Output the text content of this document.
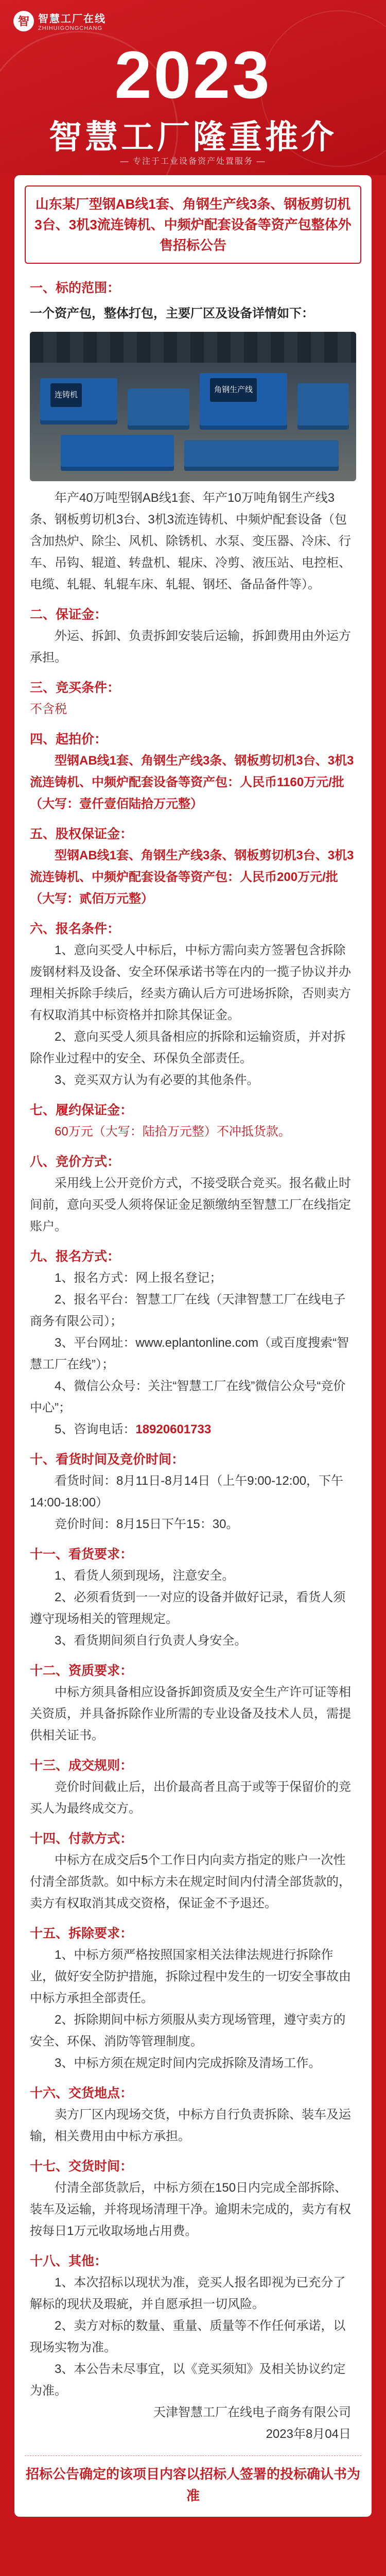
智 智慧工厂在线
ZHIHUIGONGCHANG
2023
智慧工厂隆重推介
— 专注于工业设备资产处置服务 —
山东某厂型钢AB线1套、角钢生产线3条、钢板剪切机3台、3机3流连铸机、中频炉配套设备等资产包整体外售招标公告
一、标的范围：
一个资产包，整体打包，主要厂区及设备详情如下：
连铸机
角钢生产线
年产40万吨型钢AB线1套、年产10万吨角钢生产线3条、钢板剪切机3台、3机3流连铸机、中频炉配套设备（包含加热炉、除尘、风机、除锈机、水泵、变压器、冷床、行车、吊钩、辊道、转盘机、辊床、冷剪、液压站、电控柜、电缆、轧辊、轧辊车床、轧辊、钢坯、备品备件等）。
二、保证金：
外运、拆卸、负责拆卸安装后运输，拆卸费用由外运方承担。
三、竞买条件：
不含税
四、起拍价：
型钢AB线1套、角钢生产线3条、钢板剪切机3台、3机3流连铸机、中频炉配套设备等资产包：人民币1160万元/批（大写：壹仟壹佰陆拾万元整）
五、股权保证金：
型钢AB线1套、角钢生产线3条、钢板剪切机3台、3机3流连铸机、中频炉配套设备等资产包：人民币200万元/批（大写：贰佰万元整）
六、报名条件：
1、意向买受人中标后，中标方需向卖方签署包含拆除废钢材料及设备、安全环保承诺书等在内的一揽子协议并办理相关拆除手续后，经卖方确认后方可进场拆除，否则卖方有权取消其中标资格并扣除其保证金。
2、意向买受人须具备相应的拆除和运输资质，并对拆除作业过程中的安全、环保负全部责任。
3、竞买双方认为有必要的其他条件。
七、履约保证金：
60万元（大写：陆拾万元整）不冲抵货款。
八、竞价方式：
采用线上公开竞价方式，不接受联合竞买。报名截止时间前，意向买受人须将保证金足额缴纳至智慧工厂在线指定账户。
九、报名方式：
1、报名方式：网上报名登记；
2、报名平台：智慧工厂在线（天津智慧工厂在线电子商务有限公司）；
3、平台网址：www.eplantonline.com（或百度搜索“智慧工厂在线”）；
4、微信公众号：关注“智慧工厂在线”微信公众号“竞价中心”；
5、咨询电话：18920601733
十、看货时间及竞价时间：
看货时间：8月11日-8月14日（上午9:00-12:00，下午14:00-18:00）
竞价时间：8月15日下午15：30。
十一、看货要求：
1、看货人须到现场，注意安全。
2、必须看货到一一对应的设备并做好记录，看货人须遵守现场相关的管理规定。
3、看货期间须自行负责人身安全。
十二、资质要求：
中标方须具备相应设备拆卸资质及安全生产许可证等相关资质，并具备拆除作业所需的专业设备及技术人员，需提供相关证书。
十三、成交规则：
竞价时间截止后，出价最高者且高于或等于保留价的竞买人为最终成交方。
十四、付款方式：
中标方在成交后5个工作日内向卖方指定的账户一次性付清全部货款。如中标方未在规定时间内付清全部货款的，卖方有权取消其成交资格，保证金不予退还。
十五、拆除要求：
1、中标方须严格按照国家相关法律法规进行拆除作业，做好安全防护措施，拆除过程中发生的一切安全事故由中标方承担全部责任。
2、拆除期间中标方须服从卖方现场管理，遵守卖方的安全、环保、消防等管理制度。
3、中标方须在规定时间内完成拆除及清场工作。
十六、交货地点：
卖方厂区内现场交货，中标方自行负责拆除、装车及运输，相关费用由中标方承担。
十七、交货时间：
付清全部货款后，中标方须在150日内完成全部拆除、装车及运输，并将现场清理干净。逾期未完成的，卖方有权按每日1万元收取场地占用费。
十八、其他：
1、本次招标以现状为准，竞买人报名即视为已充分了解标的现状及瑕疵，并自愿承担一切风险。
2、卖方对标的数量、重量、质量等不作任何承诺，以现场实物为准。
3、本公告未尽事宜，以《竞买须知》及相关协议约定为准。
天津智慧工厂在线电子商务有限公司
2023年8月04日
招标公告确定的该项目内容以招标人签署的投标确认书为准
